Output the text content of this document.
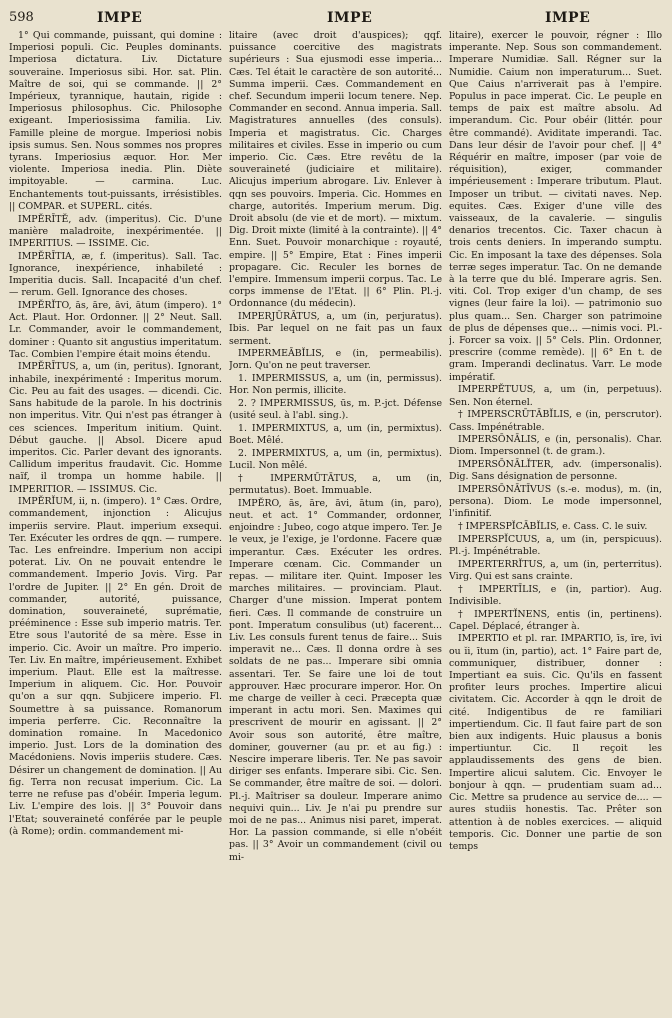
598	IMPE	IMPE	IMPE

1° Qui commande, puissant, qui domine : Imperiosi populi. Cic. Peuples dominants. Imperiosa dictatura. Liv. Dictature souveraine. Imperiosus sibi. Hor. sat. Plin. Maître de soi, qui se commande. || 2° Impérieux, tyrannique, hautain, rigide : Imperiosus philosophus. Cic. Philosophe exigeant. Imperiosissima familia. Liv. Famille pleine de morgue. Imperiosi nobis ipsis sumus. Sen. Nous sommes nos propres tyrans. Imperiosius æquor. Hor. Mer violente. Imperiosa inedia. Plin. Diète impitoyable. — carmina. Luc. Enchantements tout-puissants, irrésistibles. || COMPAR. et SUPERL. cités.

IMPĔRĪTĔ, adv. (imperitus). Cic. D'une manière maladroite, inexpérimentée. || IMPERITIUS. — ISSIME. Cic.

IMPĔRĪTIA, æ, f. (imperitus). Sall. Tac. Ignorance, inexpérience, inhabileté : Imperitia ducis. Sall. Incapacité d'un chef. — rerum. Gell. Ignorance des choses.

IMPĔRĬTO, ās, āre, āvi, ātum (impero). 1° Act. Plaut. Hor. Ordonner. || 2° Neut. Sall. Lr. Commander, avoir le commandement, dominer : Quanto sit angustius imperitatum. Tac. Combien l'empire était moins étendu.

IMPĔRĪTUS, a, um (in, peritus). Ignorant, inhabile, inexpérimenté : Imperitus morum. Cic. Peu au fait des usages. — dicendi. Cic. Sans habitude de la parole. In his doctrinis non imperitus. Vitr. Qui n'est pas étranger à ces sciences. Imperitum initium. Quint. Début gauche. || Absol. Dicere apud imperitos. Cic. Parler devant des ignorants. Callidum imperitus fraudavit. Cic. Homme naïf, il trompa un homme habile. || IMPERITIOR. — ISSIMUS. Cic.

IMPĔRĬUM, ii, n. (impero). 1° Cæs. Ordre, commandement, injonction : Alicujus imperiis servire. Plaut. imperium exsequi. Ter. Exécuter les ordres de qqn. — rumpere. Tac. Les enfreindre. Imperium non accipi poterat. Liv. On ne pouvait entendre le commandement. Imperio Jovis. Virg. Par l'ordre de Jupiter. || 2° En gén. Droit de commander, autorité, puissance, domination, souveraineté, suprématie, prééminence : Esse sub imperio matris. Ter. Etre sous l'autorité de sa mère. Esse in imperio. Cic. Avoir un maître. Pro imperio. Ter. Liv. En maître, impérieusement. Exhibet imperium. Plaut. Elle est la maîtresse. Imperium in aliquem. Cic. Hor. Pouvoir qu'on a sur qqn. Subjicere imperio. Fl. Soumettre à sa puissance. Romanorum imperia perferre. Cic. Reconnaître la domination romaine. In Macedonico imperio. Just. Lors de la domination des Macédoniens. Novis imperiis studere. Cæs. Désirer un changement de domination. || Au fig. Terra non recusat imperium. Cic. La terre ne refuse pas d'obéir. Imperia legum. Liv. L'empire des lois. || 3° Pouvoir dans l'Etat; souveraineté conférée par le peuple (à Rome); ordin. commandement mi-

litaire (avec droit d'auspices); qqf. puissance coercitive des magistrats supérieurs : Sua ejusmodi esse imperia... Cæs. Tel était le caractère de son autorité... Summa imperii. Cæs. Commandement en chef. Secundum imperii locum tenere. Nep. Commander en second. Annua imperia. Sall. Magistratures annuelles (des consuls). Imperia et magistratus. Cic. Charges militaires et civiles. Esse in imperio ou cum imperio. Cic. Cæs. Etre revêtu de la souveraineté (judiciaire et militaire). Alicujus imperium abrogare. Liv. Enlever à qqn ses pouvoirs. Imperia. Cic. Hommes en charge, autorités. Imperium merum. Dig. Droit absolu (de vie et de mort). — mixtum. Dig. Droit mixte (limité à la contrainte). || 4° Enn. Suet. Pouvoir monarchique : royauté, empire. || 5° Empire, Etat : Fines imperii propagare. Cic. Reculer les bornes de l'empire. Immensum imperii corpus. Tac. Le corps immense de l'Etat. || 6° Plin. Pl.-j. Ordonnance (du médecin).

IMPERJŪRĀTUS, a, um (in, perjuratus). Ibis. Par lequel on ne fait pas un faux serment.

IMPERMEĀBĬLIS, e (in, permeabilis). Jorn. Qu'on ne peut traverser.

1. IMPERMISSUS, a, um (in, permissus). Hor. Non permis, illicite.

2. ? IMPERMISSUS, ūs, m. P.-jct. Défense (usité seul. à l'abl. sing.).

1. IMPERMIXTUS, a, um (in, permixtus). Boet. Mêlé.

2. IMPERMIXTUS, a, um (in, permixtus). Lucil. Non mêlé.

† IMPERMŪTĀTUS, a, um (in, permutatus). Boet. Immuable.

IMPĔRO, ās, āre, āvi, ātum (in, paro), neut. et act. 1° Commander, ordonner, enjoindre : Jubeo, cogo atque impero. Ter. Je le veux, je l'exige, je l'ordonne. Facere quæ imperantur. Cæs. Exécuter les ordres. Imperare cœnam. Cic. Commander un repas. — militare iter. Quint. Imposer les marches militaires. — provinciam. Plaut. Charger d'une mission. Imperat pontem fieri. Cæs. Il commande de construire un pont. Imperatum consulibus (ut) facerent... Liv. Les consuls furent tenus de faire... Suis imperavit ne... Cæs. Il donna ordre à ses soldats de ne pas... Imperare sibi omnia assentari. Ter. Se faire une loi de tout approuver. Hæc procurare imperor. Hor. On me charge de veiller à ceci. Præcepta quæ imperant in actu mori. Sen. Maximes qui prescrivent de mourir en agissant. || 2° Avoir sous son autorité, être maître, dominer, gouverner (au pr. et au fig.) : Nescire imperare liberis. Ter. Ne pas savoir diriger ses enfants. Imperare sibi. Cic. Sen. Se commander, être maître de soi. — dolori. Pl.-j. Maîtriser sa douleur. Imperare animo nequivi quin... Liv. Je n'ai pu prendre sur moi de ne pas... Animus nisi paret, imperat. Hor. La passion commande, si elle n'obéit pas. || 3° Avoir un commandement (civil ou mi-

litaire), exercer le pouvoir, régner : Illo imperante. Nep. Sous son commandement. Imperare Numidiæ. Sall. Régner sur la Numidie. Caium non imperaturum... Suet. Que Caius n'arriverait pas à l'empire. Populus in pace imperat. Cic. Le peuple en temps de paix est maître absolu. Ad imperandum. Cic. Pour obéir (littér. pour être commandé). Aviditate imperandi. Tac. Dans leur désir de l'avoir pour chef. || 4° Réquérir en maître, imposer (par voie de réquisition), exiger, commander impérieusement : Imperare tributum. Plaut. Imposer un tribut. — civitati naves. Nep. equites. Cæs. Exiger d'une ville des vaisseaux, de la cavalerie. — singulis denarios trecentos. Cic. Taxer chacun à trois cents deniers. In imperando sumptu. Cic. En imposant la taxe des dépenses. Sola terræ seges imperatur. Tac. On ne demande à la terre que du blé. Imperare agris. Sen. viti. Col. Trop exiger d'un champ, de ses vignes (leur faire la loi). — patrimonio suo plus quam... Sen. Charger son patrimoine de plus de dépenses que... —nimis voci. Pl.-j. Forcer sa voix. || 5° Cels. Plin. Ordonner, prescrire (comme remède). || 6° En t. de gram. Imperandi declinatus. Varr. Le mode impératif.

IMPERPĔTUUS, a, um (in, perpetuus). Sen. Non éternel.

† IMPERSCRŪTĀBĬLIS, e (in, perscrutor). Cass. Impénétrable.

IMPERSŌNĀLIS, e (in, personalis). Char. Diom. Impersonnel (t. de gram.).

IMPERSŌNĀLĬTER, adv. (impersonalis). Dig. Sans désignation de personne.

IMPERSŌNĀTĪVUS (s.-e. modus), m. (in, persona). Diom. Le mode impersonnel, l'infinitif.

† IMPERSPĬCĀBĬLIS, e. Cass. C. le suiv.

IMPERSPĬCUUS, a, um (in, perspicuus). Pl.-j. Impénétrable.

IMPERTERRĬTUS, a, um (in, perterritus). Virg. Qui est sans crainte.

† IMPERTĪLIS, e (in, partior). Aug. Indivisible.

† IMPERTĬNENS, entis (in, pertinens). Capel. Déplacé, étranger à.

IMPERTIO et pl. rar. IMPARTIO, īs, īre, īvi ou ĭi, ītum (in, partio), act. 1° Faire part de, communiquer, distribuer, donner : Impertiant ea suis. Cic. Qu'ils en fassent profiter leurs proches. Impertire alicui civitatem. Cic. Accorder à qqn le droit de cité. Indigentibus de re familiari impertiendum. Cic. Il faut faire part de son bien aux indigents. Huic plausus a bonis impertiuntur. Cic. Il reçoit les applaudissements des gens de bien. Impertire alicui salutem. Cic. Envoyer le bonjour à qqn. — prudentiam suam ad... Cic. Mettre sa prudence au service de.... — aures studiis honestis. Tac. Prêter son attention à de nobles exercices. — aliquid temporis. Cic. Donner une partie de son temps
